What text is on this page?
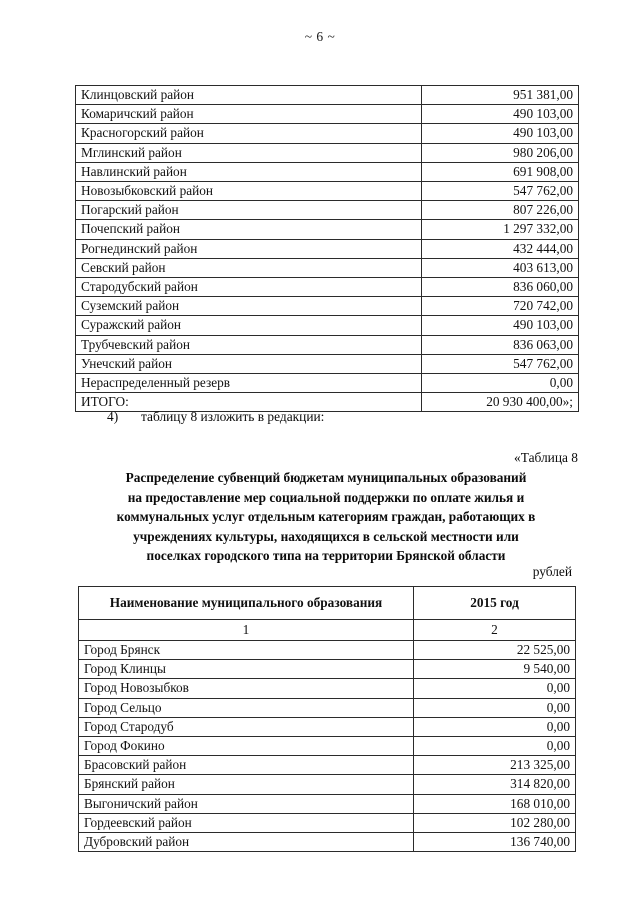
~ 6 ~
Клинцовский район	951 381,00
Комаричский район	490 103,00
Красногорский район	490 103,00
Мглинский район	980 206,00
Навлинский район	691 908,00
Новозыбковский район	547 762,00
Погарский район	807 226,00
Почепский район	1 297 332,00
Рогнединский район	432 444,00
Севский район	403 613,00
Стародубский район	836 060,00
Суземский район	720 742,00
Суражский район	490 103,00
Трубчевский район	836 063,00
Унечский район	547 762,00
Нераспределенный резерв	0,00
ИТОГО:	20 930 400,00»;
4) таблицу 8 изложить в редакции:
«Таблица 8
Распределение субвенций бюджетам муниципальных образований
на предоставление мер социальной поддержки по оплате жилья и
коммунальных услуг отдельным категориям граждан, работающих в
учреждениях культуры, находящихся в сельской местности или
поселках городского типа на территории Брянской области
рублей
Наименование муниципального образования	2015 год
1	2
Город Брянск	22 525,00
Город Клинцы	9 540,00
Город Новозыбков	0,00
Город Сельцо	0,00
Город Стародуб	0,00
Город Фокино	0,00
Брасовский район	213 325,00
Брянский район	314 820,00
Выгоничский район	168 010,00
Гордеевский район	102 280,00
Дубровский район	136 740,00
